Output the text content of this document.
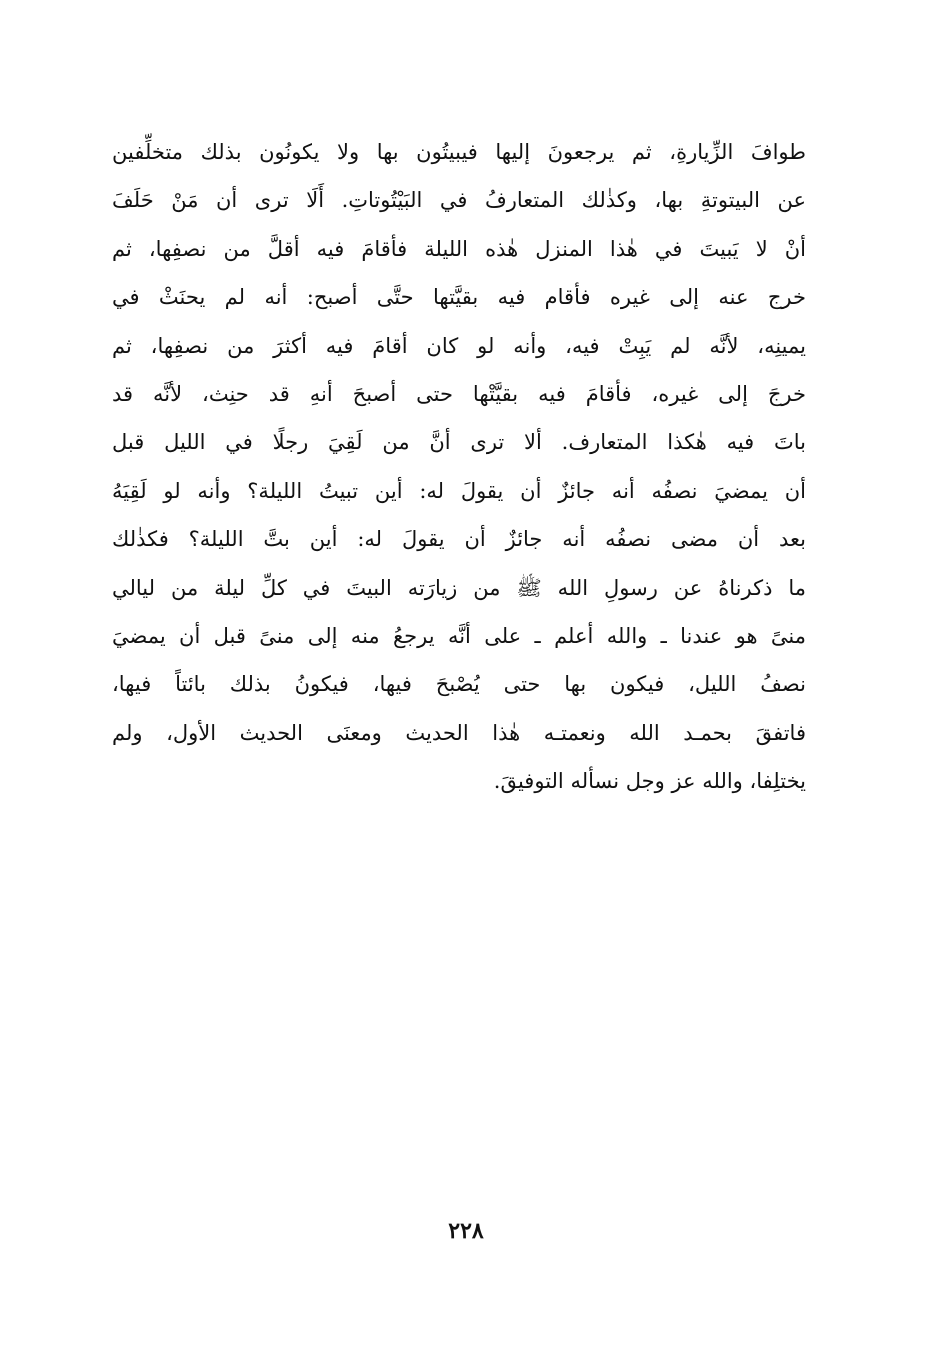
طوافَ الزِّيارةِ، ثم يرجعونَ إليها فيبيتُون بها ولا يكونُون بذلك متخلِّفين
عن البيتوتةِ بها، وكذٰلك المتعارفُ في البَيْتُوتاتِ. أَلَا ترى أن مَنْ حَلَفَ
أنْ لا يَبيتَ في هٰذا المنزل هٰذه الليلة فأقامَ فيه أقلَّ من نصفِها، ثم
خرج عنه إلى غيره فأقام فيه بقيَّتها حتَّى أصبح: أنه لم يحنَثْ في
يمينِه، لأنَّه لم يَبِتْ فيه، وأنه لو كان أقامَ فيه أكثرَ من نصفِها، ثم
خرجَ إلى غيره، فأقامَ فيه بقيَّتْها حتى أصبحَ أنهِ قد حنِث، لأنَّه قد
باتَ فيه هٰكذا المتعارف. ألا ترى أنَّ من لَقِيَ رجلًا في الليل قبل
أن يمضيَ نصفُه أنه جائزٌ أن يقولَ له: أين تبيتُ الليلة؟ وأنه لو لَقِيَهُ
بعد أن مضى نصفُه أنه جائزٌ أن يقولَ له: أين بتَّ الليلة؟ فكذٰلك
ما ذكرناهُ عن رسولِ الله ﷺ من زيارَته البيتَ في كلِّ ليلة من ليالي
منىً هو عندنا ـ والله أعلم ـ على أنَّه يرجعُ منه إلى منىً قبل أن يمضيَ
نصفُ الليل، فيكون بها حتى يُصْبحَ فيها، فيكونُ بذلك بائتاً فيها،
فاتفقَ بحمـد الله ونعمتـه هٰذا الحديث ومعنَى الحديث الأول، ولم
يختلِفا، والله عز وجل نسأله التوفيقَ.
٢٢٨
